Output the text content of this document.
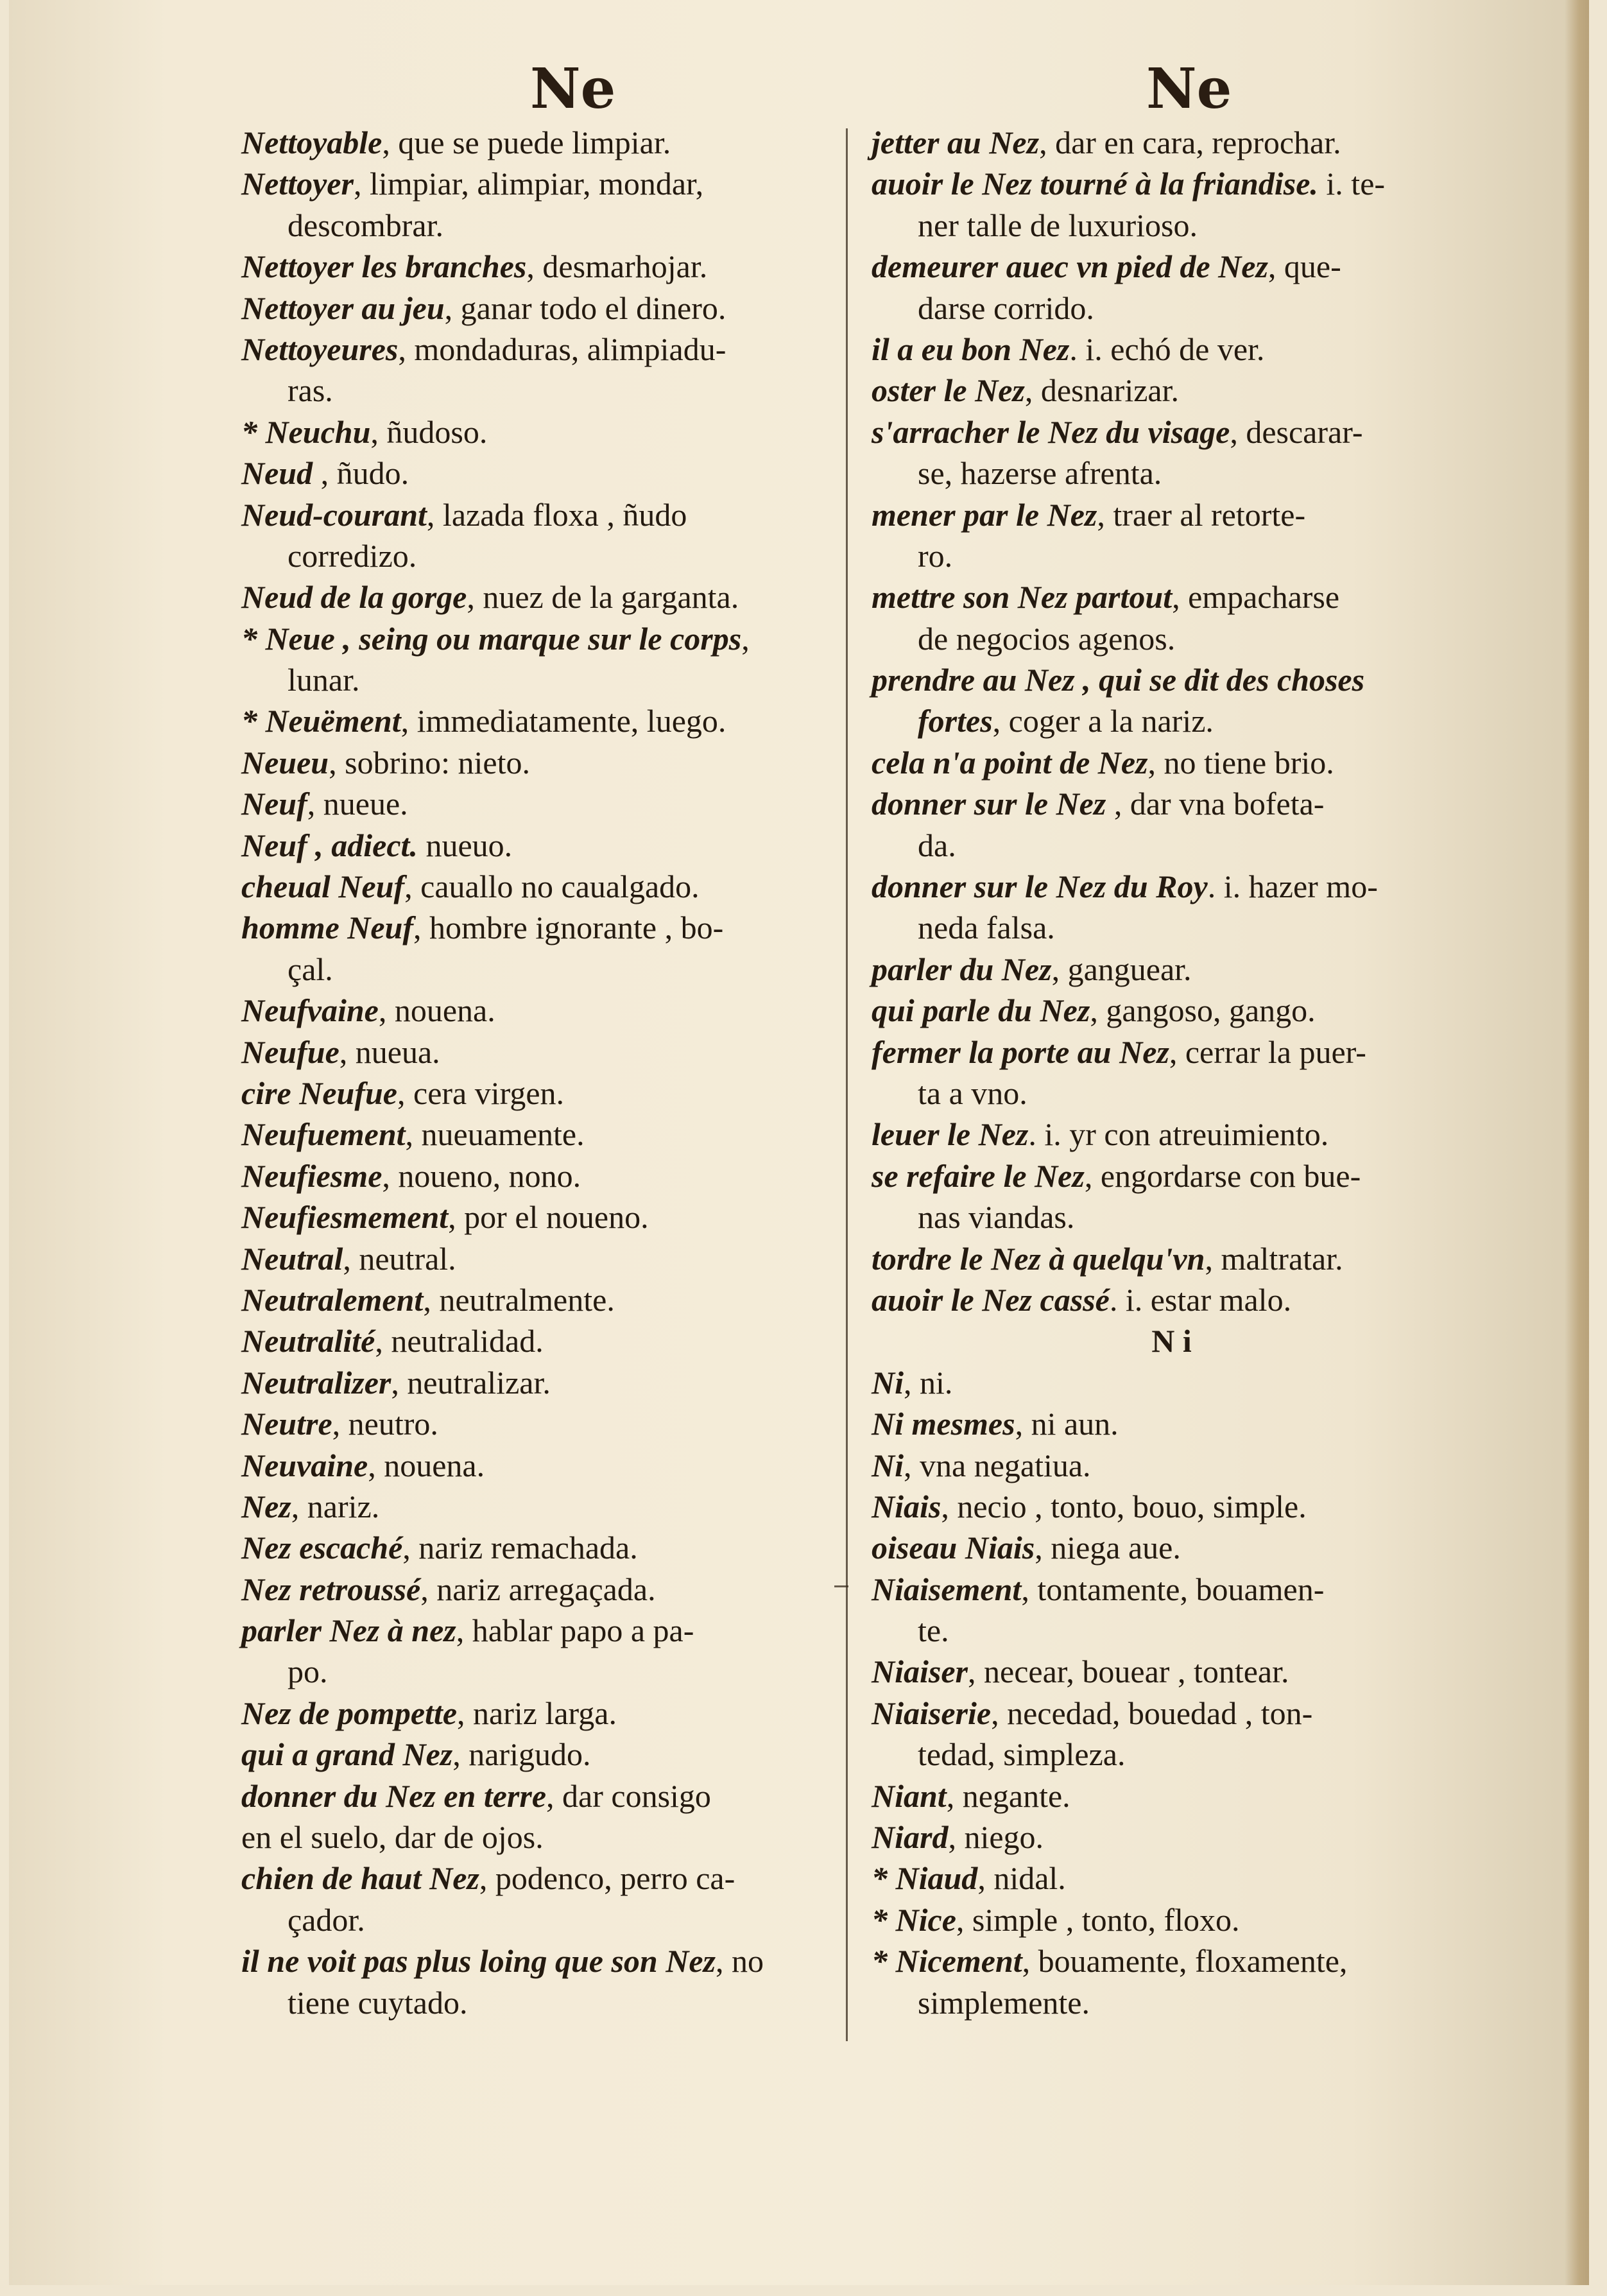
Ne	Ne
Nettoyable, que se puede limpiar.
Nettoyer, limpiar, alimpiar, mondar,
descombrar.
Nettoyer les branches, desmarhojar.
Nettoyer au jeu, ganar todo el dinero.
Nettoyeures, mondaduras, alimpiadu-
ras.
* Neuchu, ñudoso.
Neud , ñudo.
Neud-courant, lazada floxa , ñudo
corredizo.
Neud de la gorge, nuez de la garganta.
* Neue , seing ou marque sur le corps,
lunar.
* Neuëment, immediatamente, luego.
Neueu, sobrino: nieto.
Neuf, nueue.
Neuf , adiect. nueuo.
cheual Neuf, cauallo no caualgado.
homme Neuf, hombre ignorante , bo-
çal.
Neufvaine, nouena.
Neufue, nueua.
cire Neufue, cera virgen.
Neufuement, nueuamente.
Neufiesme, noueno, nono.
Neufiesmement, por el noueno.
Neutral, neutral.
Neutralement, neutralmente.
Neutralité, neutralidad.
Neutralizer, neutralizar.
Neutre, neutro.
Neuvaine, nouena.
Nez, nariz.
Nez escaché, nariz remachada.
Nez retroussé, nariz arregaçada.
parler Nez à nez, hablar papo a pa-
po.
Nez de pompette, nariz larga.
qui a grand Nez, narigudo.
donner du Nez en terre, dar consigo
en el suelo, dar de ojos.
chien de haut Nez, podenco, perro ca-
çador.
il ne voit pas plus loing que son Nez, no
tiene cuytado.
jetter au Nez, dar en cara, reprochar.
auoir le Nez tourné à la friandise. i. te-
ner talle de luxurioso.
demeurer auec vn pied de Nez, que-
darse corrido.
il a eu bon Nez. i. echó de ver.
oster le Nez, desnarizar.
s'arracher le Nez du visage, descarar-
se, hazerse afrenta.
mener par le Nez, traer al retorte-
ro.
mettre son Nez partout, empacharse
de negocios agenos.
prendre au Nez , qui se dit des choses
fortes, coger a la nariz.
cela n'a point de Nez, no tiene brio.
donner sur le Nez , dar vna bofeta-
da.
donner sur le Nez du Roy. i. hazer mo-
neda falsa.
parler du Nez, ganguear.
qui parle du Nez, gangoso, gango.
fermer la porte au Nez, cerrar la puer-
ta a vno.
leuer le Nez. i. yr con atreuimiento.
se refaire le Nez, engordarse con bue-
nas viandas.
tordre le Nez à quelqu'vn, maltratar.
auoir le Nez cassé. i. estar malo.
N i
Ni, ni.
Ni mesmes, ni aun.
Ni, vna negatiua.
Niais, necio , tonto, bouo, simple.
oiseau Niais, niega aue.
Niaisement, tontamente, bouamen-
te.
Niaiser, necear, bouear , tontear.
Niaiserie, necedad, bouedad , ton-
tedad, simpleza.
Niant, negante.
Niard, niego.
* Niaud, nidal.
* Nice, simple , tonto, floxo.
* Nicement, bouamente, floxamente,
simplemente.
